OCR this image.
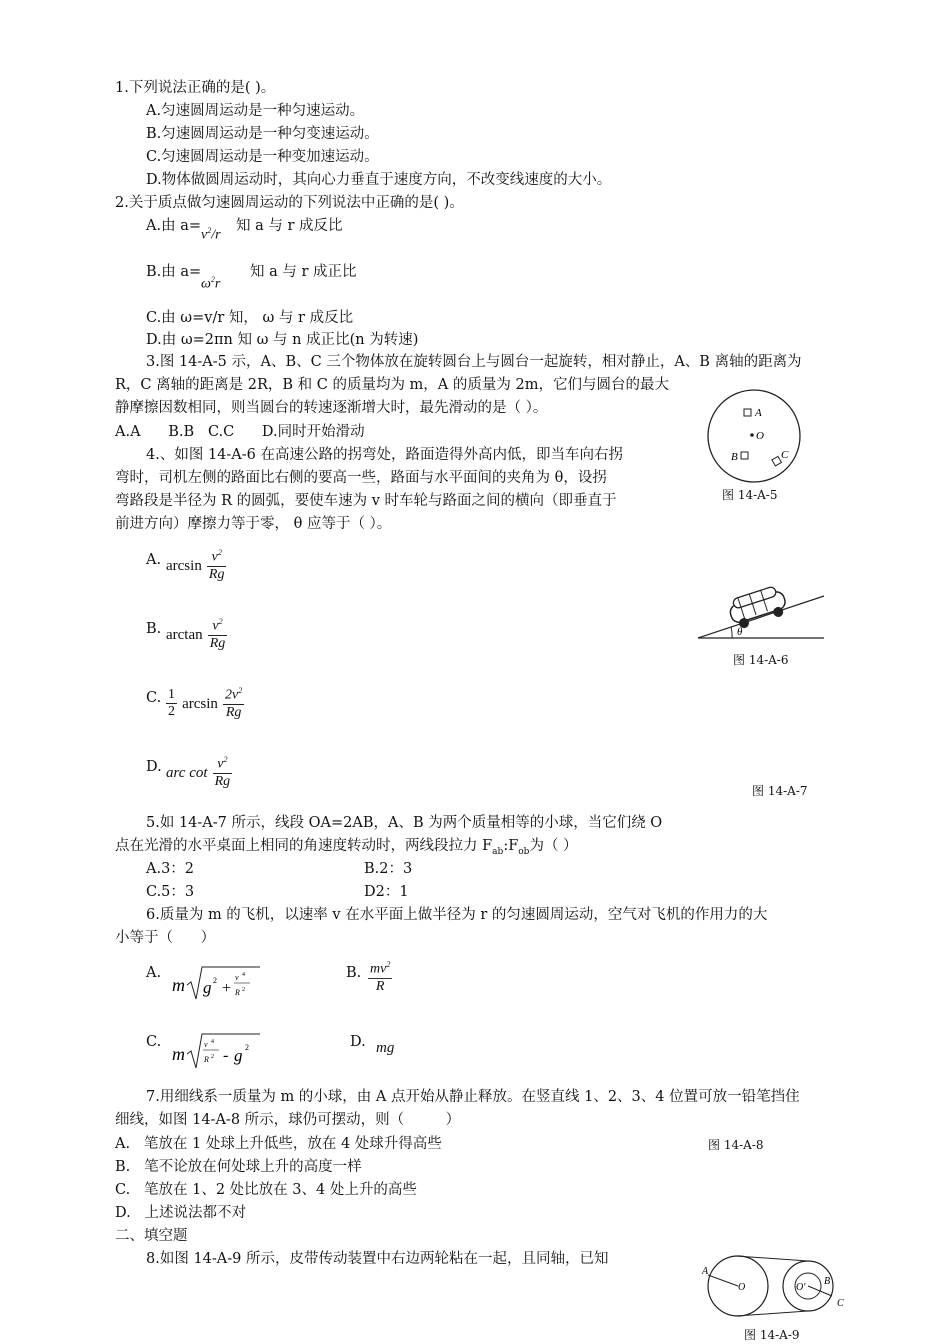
1.下列说法正确的是( )。
A.匀速圆周运动是一种匀速运动。
B.匀速圆周运动是一种匀变速运动。
C.匀速圆周运动是一种变加速运动。
D.物体做圆周运动时，其向心力垂直于速度方向，不改变线速度的大小。
2.关于质点做匀速圆周运动的下列说法中正确的是( )。
A.由 a=
$v^2/r$
知 a 与 r 成反比
B.由 a=
$\omega^2r$
知 a 与 r 成正比
C.由 ω=v/r 知， ω 与 r 成反比
D.由 ω=2πn 知 ω 与 n 成正比(n 为转速)
3.图 14-A-5 示，A、B、C 三个物体放在旋转圆台上与圆台一起旋转，相对静止，A、B 离轴的距离为
R，C 离轴的距离是 2R，B 和 C 的质量均为 m，A 的质量为 2m，它们与圆台的最大
静摩擦因数相同，则当圆台的转速逐渐增大时，最先滑动的是（ ）。
A.A      B.B   C.C      D.同时开始滑动
A
O
B	C
图 14-A-5
4.、如图 14-A-6 在高速公路的拐弯处，路面造得外高内低，即当车向右拐
弯时，司机左侧的路面比右侧的要高一些，路面与水平面间的夹角为 θ，设拐
弯路段是半径为 R 的圆弧，要使车速为 v 时车轮与路面之间的横向（即垂直于
前进方向）摩擦力等于零， θ 应等于（ ）。
A. $\arcsin \frac{v^2}{Rg}$
B. $\arctan \frac{v^2}{Rg}$
C. $\frac{1}{2}$ $\arcsin \frac{2v^2}{Rg}$
D. arc $\cot \frac{v^2}{Rg}$
θ
图 14-A-6
图 14-A-7
5.如 14-A-7 所示，线段 OA=2AB，A、B 为两个质量相等的小球，当它们绕 O
点在光滑的水平桌面上相同的角速度转动时，两线段拉力 $F_{ab}:F_{ob}$为（ ）
A.3：2	B.2：3
C.5：3	D2：1
6.质量为 m 的飞机，以速率 v 在水平面上做半径为 r 的匀速圆周运动，空气对飞机的作用力的大
小等于（      ）
A.
m g 2 +
v 4
R 2
B. $\frac{mv^2}{R}$
C.
m v 4
R 2 - g 2	D. mg
7.用细线系一质量为 m 的小球，由 A 点开始从静止释放。在竖直线 1、2、3、4 位置可放一铅笔挡住
细线，如图 14-A-8 所示，球仍可摆动，则（         ）
A.   笔放在 1 处球上升低些，放在 4 处球升得高些	图 14-A-8
B.   笔不论放在何处球上升的高度一样
C.   笔放在 1、2 处比放在 3、4 处上升的高些
D.   上述说法都不对
二、填空题
8.如图 14-A-9 所示，皮带传动装置中右边两轮粘在一起，且同轴，已知
A
O	O'
B
C
图 14-A-9
